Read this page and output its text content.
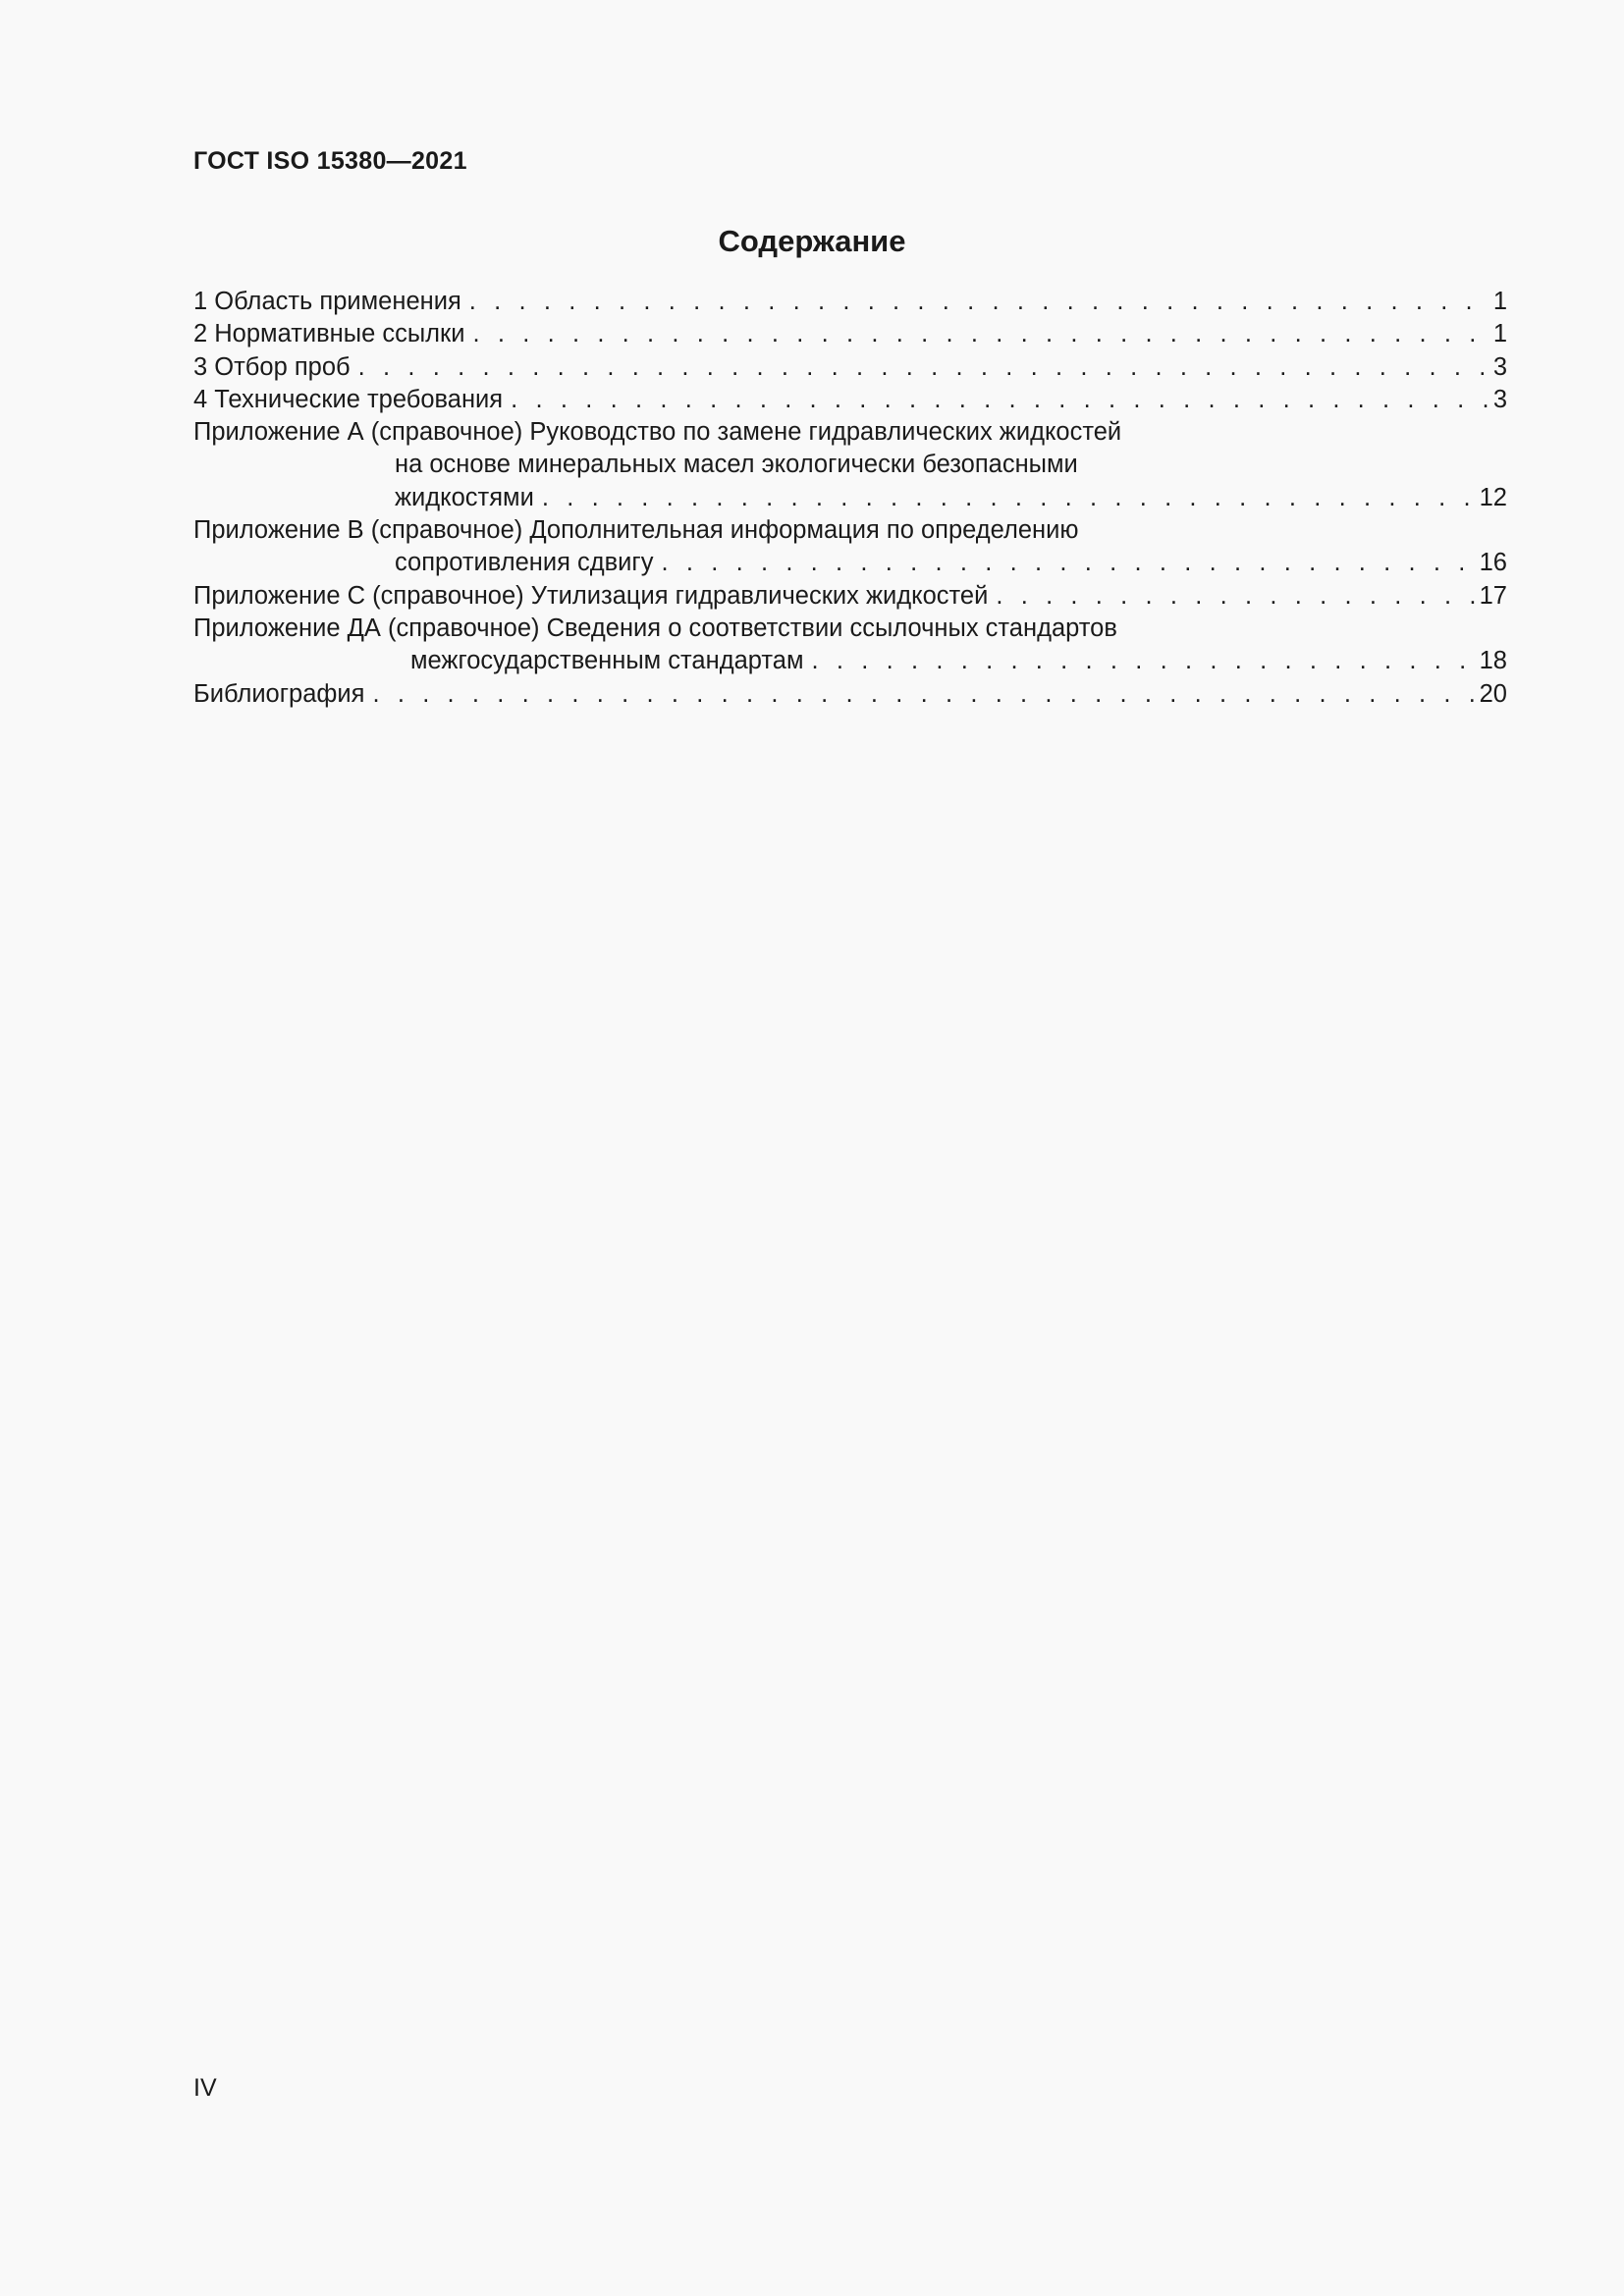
ГОСТ ISO 15380—2021
Содержание
1 Область применения . . .	1
2 Нормативные ссылки . . .	1
3 Отбор проб . . .	3
4 Технические требования . . .	3
Приложение А (справочное) Руководство по замене гидравлических жидкостей
на основе минеральных масел экологически безопасными
жидкостями . . .	12
Приложение В (справочное) Дополнительная информация по определению
сопротивления сдвигу . . .	16
Приложение С (справочное) Утилизация гидравлических жидкостей . . .	17
Приложение ДА (справочное) Сведения о соответствии ссылочных стандартов
межгосударственным стандартам . . .	18
Библиография . . .	20
IV
